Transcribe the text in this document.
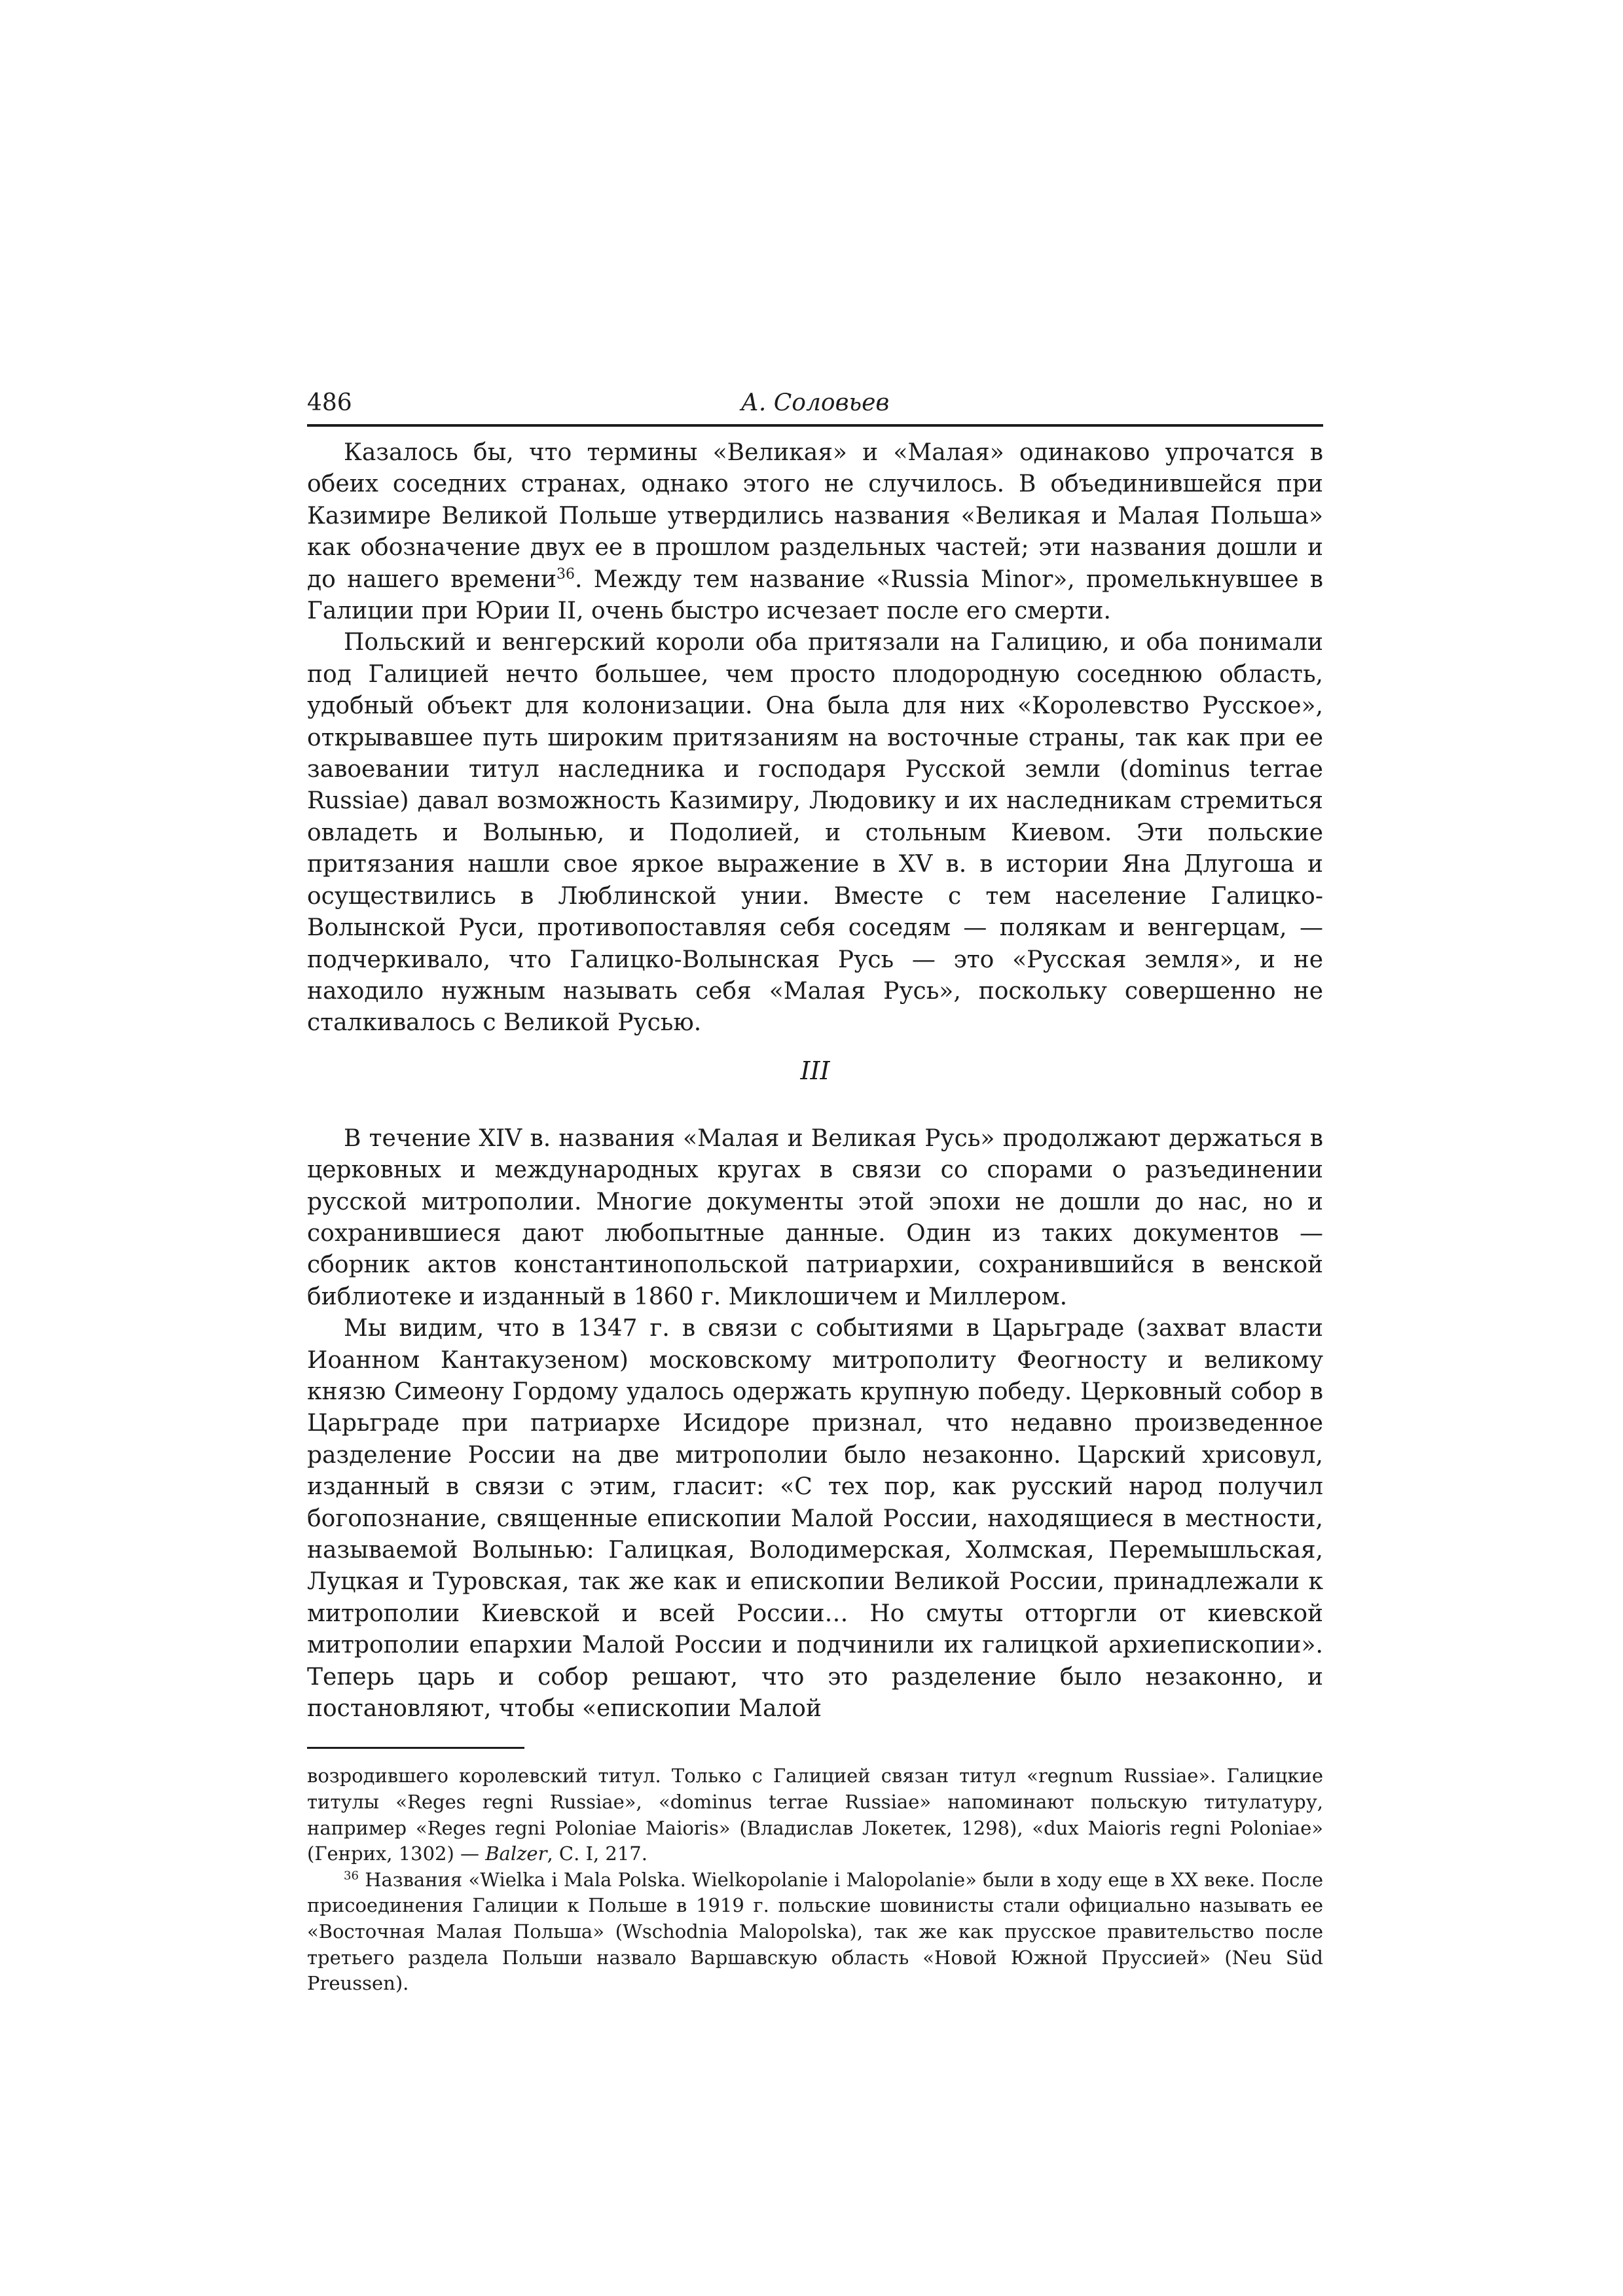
486	А. Соловьев

Казалось бы, что термины «Великая» и «Малая» одинаково упрочатся в обеих соседних странах, однако этого не случилось. В объединившейся при Казимире Великой Польше утвердились названия «Великая и Малая Польша» как обозначение двух ее в прошлом раздельных частей; эти названия дошли и до нашего времени$^{36}$. Между тем название «Russia Minor», промелькнувшее в Галиции при Юрии II, очень быстро исчезает после его смерти.

Польский и венгерский короли оба притязали на Галицию, и оба понимали под Галицией нечто большее, чем просто плодородную соседнюю область, удобный объект для колонизации. Она была для них «Королевство Русское», открывавшее путь широким притязаниям на восточные страны, так как при ее завоевании титул наследника и господаря Русской земли (dominus terrae Russiae) давал возможность Казимиру, Людовику и их наследникам стремиться овладеть и Волынью, и Подолией, и стольным Киевом. Эти польские притязания нашли свое яркое выражение в XV в. в истории Яна Длугоша и осуществились в Люблинской унии. Вместе с тем население Галицко-Волынской Руси, противопоставляя себя соседям — полякам и венгерцам, — подчеркивало, что Галицко-Волынская Русь — это «Русская земля», и не находило нужным называть себя «Малая Русь», поскольку совершенно не сталкивалось с Великой Русью.

III

В течение XIV в. названия «Малая и Великая Русь» продолжают держаться в церковных и международных кругах в связи со спорами о разъединении русской митрополии. Многие документы этой эпохи не дошли до нас, но и сохранившиеся дают любопытные данные. Один из таких документов — сборник актов константинопольской патриархии, сохранившийся в венской библиотеке и изданный в 1860 г. Миклошичем и Миллером.

Мы видим, что в 1347 г. в связи с событиями в Царьграде (захват власти Иоанном Кантакузеном) московскому митрополиту Феогносту и великому князю Симеону Гордому удалось одержать крупную победу. Церковный собор в Царьграде при патриархе Исидоре признал, что недавно произведенное разделение России на две митрополии было незаконно. Царский хрисовул, изданный в связи с этим, гласит: «С тех пор, как русский народ получил богопознание, священные епископии Малой России, находящиеся в местности, называемой Волынью: Галицкая, Володимерская, Холмская, Перемышльская, Луцкая и Туровская, так же как и епископии Великой России, принадлежали к митрополии Киевской и всей России… Но смуты отторгли от киевской митрополии епархии Малой России и подчинили их галицкой архиепископии». Теперь царь и собор решают, что это разделение было незаконно, и постановляют, чтобы «епископии Малой

возродившего королевский титул. Только с Галицией связан титул «regnum Russiae». Галицкие титулы «Reges regni Russiae», «dominus terrae Russiae» напоминают польскую титулатуру, например «Reges regni Poloniae Maioris» (Владислав Локетек, 1298), «dux Maioris regni Poloniae» (Генрих, 1302) — Balzer, С. I, 217.

$^{36}$ Названия «Wielka i Mala Polska. Wielkopolanie i Malopolanie» были в ходу еще в XX веке. После присоединения Галиции к Польше в 1919 г. польские шовинисты стали официально называть ее «Восточная Малая Польша» (Wschodnia Malopolska), так же как прусское правительство после третьего раздела Польши назвало Варшавскую область «Новой Южной Пруссией» (Neu Süd Preussen).
